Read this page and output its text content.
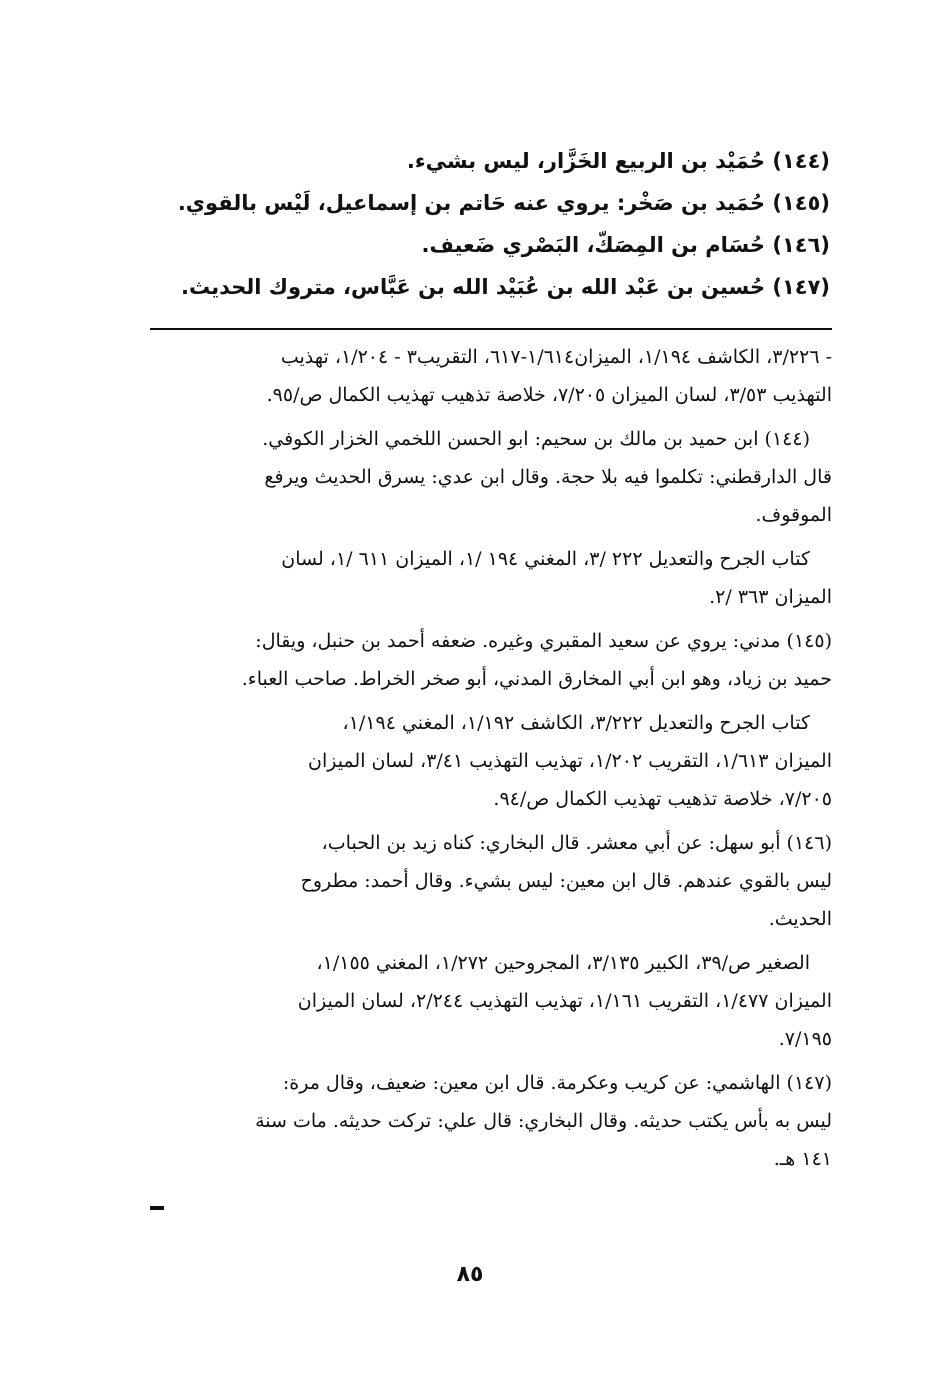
(١٤٤) حُمَيْد بن الربيع الخَزَّار، ليس بشيء.
(١٤٥) حُمَيد بن صَخْر: يروي عنه حَاتم بن إسماعيل، لَيْس بالقوي.
(١٤٦) حُسَام بن المِصَكّ، البَصْري ضَعيف.
(١٤٧) حُسين بن عَبْد الله بن عُبَيْد الله بن عَبَّاس، متروك الحديث.
- ٣/٢٢٦، الكاشف ١/١٩٤، الميزان١/٦١٤-٦١٧، التقريب٣ - ١/٢٠٤، تهذيب
التهذيب ٣/٥٣، لسان الميزان ٧/٢٠٥، خلاصة تذهيب تهذيب الكمال ص/٩٥.
(١٤٤) ابن حميد بن مالك بن سحيم: ابو الحسن اللخمي الخزار الكوفي.
قال الدارقطني: تكلموا فيه بلا حجة. وقال ابن عدي: يسرق الحديث ويرفع
الموقوف.
كتاب الجرح والتعديل ٢٢٢ /٣، المغني ١٩٤ /١، الميزان ٦١١ /١، لسان
الميزان ٣٦٣ /٢.
(١٤٥) مدني: يروي عن سعيد المقبري وغيره. ضعفه أحمد بن حنبل، ويقال:
حميد بن زياد، وهو ابن أبي المخارق المدني، أبو صخر الخراط. صاحب العباء.
كتاب الجرح والتعديل ٣/٢٢٢، الكاشف ١/١٩٢، المغني ١/١٩٤،
الميزان ١/٦١٣، التقريب ١/٢٠٢، تهذيب التهذيب ٣/٤١، لسان الميزان
٧/٢٠٥، خلاصة تذهيب تهذيب الكمال ص/٩٤.
(١٤٦) أبو سهل: عن أبي معشر. قال البخاري: كناه زيد بن الحباب،
ليس بالقوي عندهم. قال ابن معين: ليس بشيء. وقال أحمد: مطروح
الحديث.
الصغير ص/٣٩، الكبير ٣/١٣٥، المجروحين ١/٢٧٢، المغني ١/١٥٥،
الميزان ١/٤٧٧، التقريب ١/١٦١، تهذيب التهذيب ٢/٢٤٤، لسان الميزان
٧/١٩٥.
(١٤٧) الهاشمي: عن كريب وعكرمة. قال ابن معين: ضعيف، وقال مرة:
ليس به بأس يكتب حديثه. وقال البخاري: قال علي: تركت حديثه. مات سنة
١٤١ هـ.
٨٥
